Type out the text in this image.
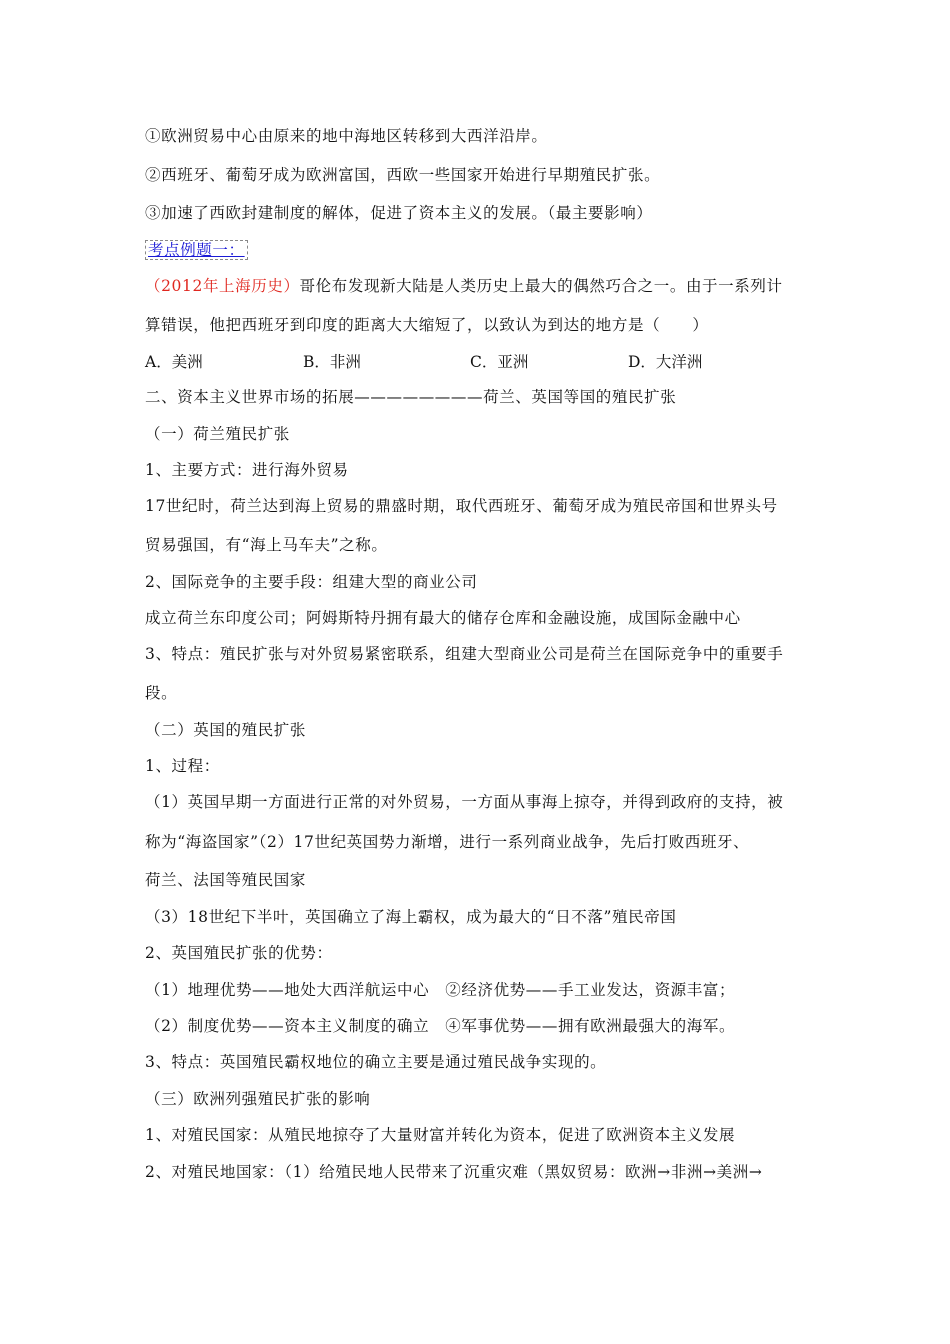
①欧洲贸易中心由原来的地中海地区转移到大西洋沿岸。
②西班牙、葡萄牙成为欧洲富国，西欧一些国家开始进行早期殖民扩张。
③加速了西欧封建制度的解体，促进了资本主义的发展。（最主要影响）
考点例题一：
（2012年上海历史）哥伦布发现新大陆是人类历史上最大的偶然巧合之一。由于一系列计
算错误，他把西班牙到印度的距离大大缩短了，以致认为到达的地方是（　　）
A．美洲	B．非洲	C．亚洲	D．大洋洲
二、资本主义世界市场的拓展————————荷兰、英国等国的殖民扩张
（一）荷兰殖民扩张
1、主要方式：进行海外贸易
17世纪时，荷兰达到海上贸易的鼎盛时期，取代西班牙、葡萄牙成为殖民帝国和世界头号
贸易强国，有“海上马车夫”之称。
2、国际竞争的主要手段：组建大型的商业公司
成立荷兰东印度公司；阿姆斯特丹拥有最大的储存仓库和金融设施，成国际金融中心
3、特点：殖民扩张与对外贸易紧密联系，组建大型商业公司是荷兰在国际竞争中的重要手
段。
（二）英国的殖民扩张
1、过程：
（1）英国早期一方面进行正常的对外贸易，一方面从事海上掠夺，并得到政府的支持，被
称为“海盗国家”（2）17世纪英国势力渐增，进行一系列商业战争，先后打败西班牙、
荷兰、法国等殖民国家
（3）18世纪下半叶，英国确立了海上霸权，成为最大的“日不落”殖民帝国
2、英国殖民扩张的优势：
（1）地理优势——地处大西洋航运中心　②经济优势——手工业发达，资源丰富；
（2）制度优势——资本主义制度的确立　④军事优势——拥有欧洲最强大的海军。
3、特点：英国殖民霸权地位的确立主要是通过殖民战争实现的。
（三）欧洲列强殖民扩张的影响
1、对殖民国家：从殖民地掠夺了大量财富并转化为资本，促进了欧洲资本主义发展
2、对殖民地国家：（1）给殖民地人民带来了沉重灾难（黑奴贸易：欧洲→非洲→美洲→
